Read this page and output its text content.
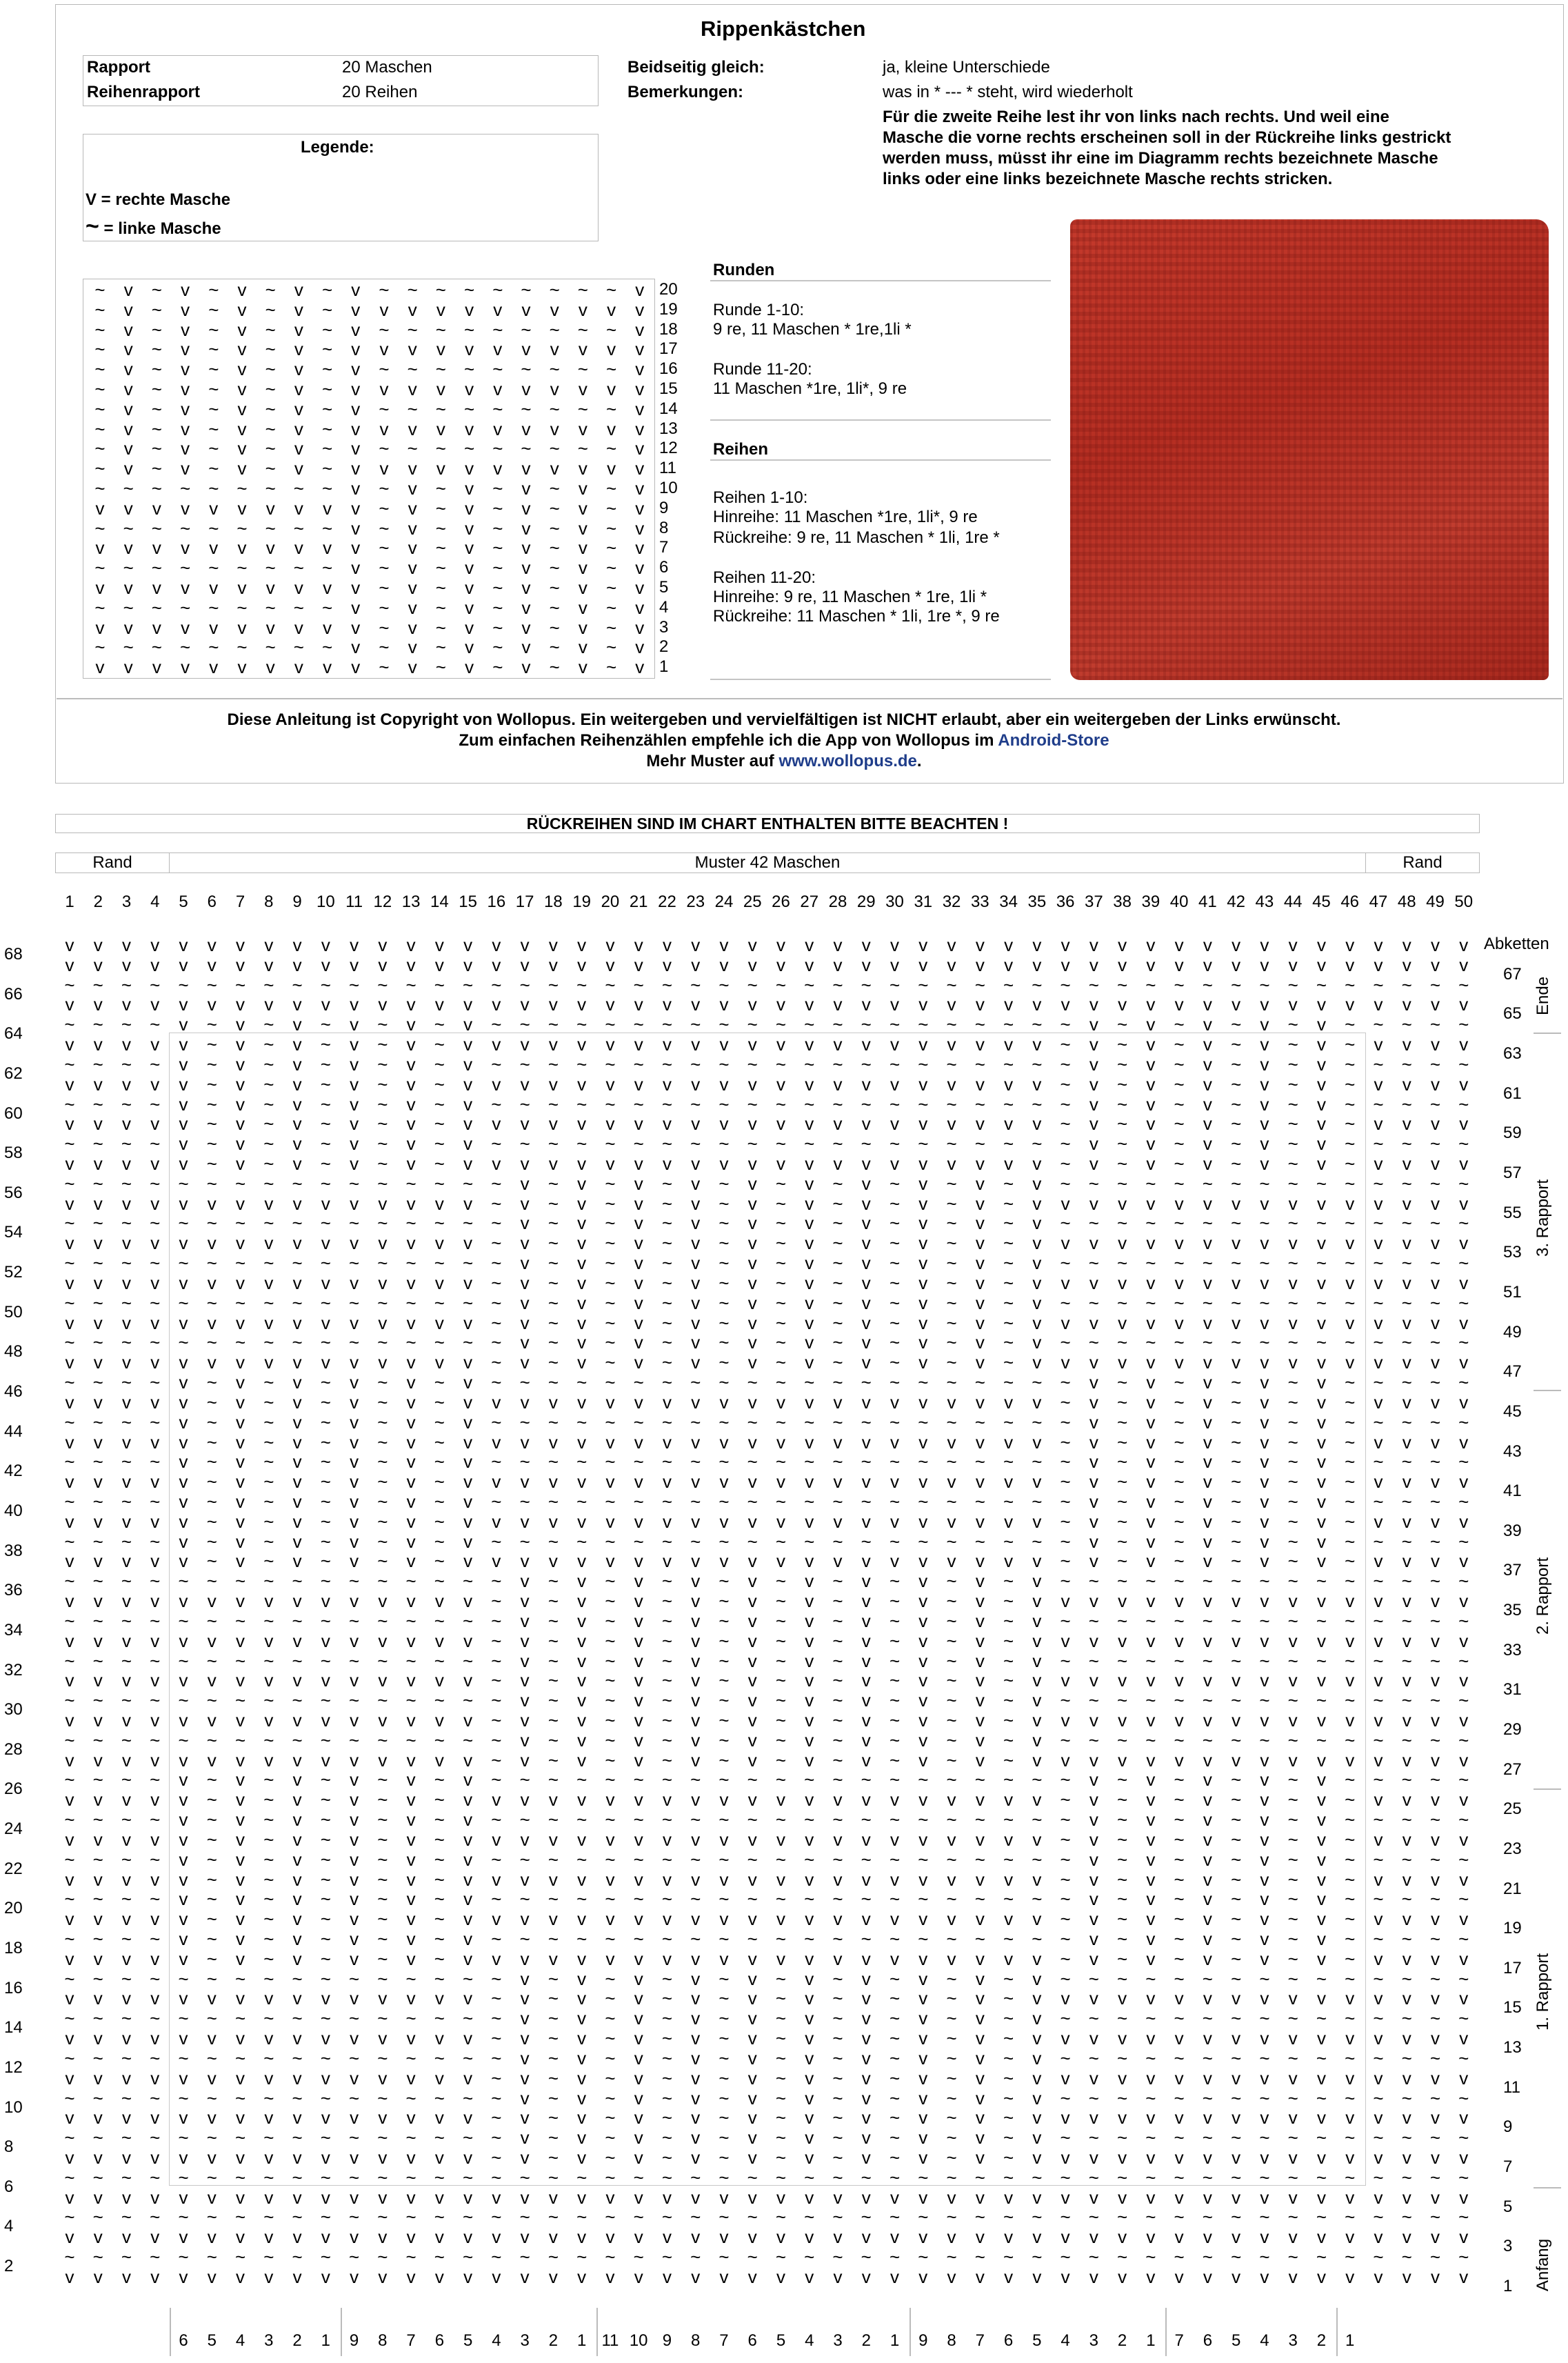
Rippenkästchen
Rapport	20 Maschen
Reihenrapport	20 Reihen
Beidseitig gleich:	ja, kleine Unterschiede
Bemerkungen:	was in * --- * steht, wird wiederholt
Für die zweite Reihe lest ihr von links nach rechts. Und weil eine
Masche die vorne rechts erscheinen soll in der Rückreihe links gestrickt
werden muss, müsst ihr eine im Diagramm rechts bezeichnete Masche
links oder eine links bezeichnete Masche rechts stricken.
Legende:
V = rechte Masche
~ = linke Masche
~	v	~	v	~	v	~	v	~	v	~ ~ ~ ~ ~ ~ ~ ~ ~	v 20
~	v	~	v	~	v	~	v	~	v	v	v	v	v	v	v	v	v	v	v 19
~	v	~	v	~	v	~	v	~	v	~ ~ ~ ~ ~ ~ ~ ~ ~	v 18
~	v	~	v	~	v	~	v	~	v	v	v	v	v	v	v	v	v	v	v 17
~	v	~	v	~	v	~	v	~	v	~ ~ ~ ~ ~ ~ ~ ~ ~	v 16
~	v	~	v	~	v	~	v	~	v	v	v	v	v	v	v	v	v	v	v 15
~	v	~	v	~	v	~	v	~	v	~ ~ ~ ~ ~ ~ ~ ~ ~	v 14
~	v	~	v	~	v	~	v	~	v	v	v	v	v	v	v	v	v	v	v 13
~	v	~	v	~	v	~	v	~	v	~ ~ ~ ~ ~ ~ ~ ~ ~	v 12
~	v	~	v	~	v	~	v	~	v	v	v	v	v	v	v	v	v	v	v 11
~ ~ ~ ~ ~ ~ ~ ~ ~	v	~	v	~	v	~	v	~	v	~	v 10
v	v	v	v	v	v	v	v	v	v	~	v	~	v	~	v	~	v	~	v 9
~ ~ ~ ~ ~ ~ ~ ~ ~	v	~	v	~	v	~	v	~	v	~	v 8
v	v	v	v	v	v	v	v	v	v	~	v	~	v	~	v	~	v	~	v 7
~ ~ ~ ~ ~ ~ ~ ~ ~	v	~	v	~	v	~	v	~	v	~	v 6
v	v	v	v	v	v	v	v	v	v	~	v	~	v	~	v	~	v	~	v 5
~ ~ ~ ~ ~ ~ ~ ~ ~	v	~	v	~	v	~	v	~	v	~	v 4
v	v	v	v	v	v	v	v	v	v	~	v	~	v	~	v	~	v	~	v 3
~ ~ ~ ~ ~ ~ ~ ~ ~	v	~	v	~	v	~	v	~	v	~	v 2
v	v	v	v	v	v	v	v	v	v	~	v	~	v	~	v	~	v	~	v 1
Runden
Runde 1-10:
9 re, 11 Maschen * 1re,1li *
Runde 11-20:
11 Maschen *1re, 1li*, 9 re
Reihen
Reihen 1-10:
Hinreihe: 11 Maschen *1re, 1li*, 9 re
Rückreihe: 9 re, 11 Maschen * 1li, 1re *
Reihen 11-20:
Hinreihe: 9 re, 11 Maschen * 1re, 1li *
Rückreihe: 11 Maschen * 1li, 1re *, 9 re
Diese Anleitung ist Copyright von Wollopus. Ein weitergeben und vervielfältigen ist NICHT erlaubt, aber ein weitergeben der Links erwünscht.
Zum einfachen Reihenzählen empfehle ich die App von Wollopus im Android-Store
Mehr Muster auf www.wollopus.de.
RÜCKREIHEN SIND IM CHART ENTHALTEN BITTE BEACHTEN !
Rand	Muster 42 Maschen	Rand
1	2	3	4	5	6	7	8	9 10 11 12 13 14 15 16 17 18 19 20 21 22 23 24 25 26 27 28 29 30 31 32 33 34 35 36 37 38 39 40 41 42 43 44 45 46 47 48 49 50
v	v	v	v	v	v	v	v	v	v	v	v	v	v	v	v	v	v	v	v	v	v	v	v	v	v	v	v	v	v	v	v	v	v	v	v	v	v	v	v	v	v	v	v	v	v	v	v	v	v
68
v	v	v	v	v	v	v	v	v	v	v	v	v	v	v	v	v	v	v	v	v	v	v	v	v	v	v	v	v	v	v	v	v	v	v	v	v	v	v	v	v	v	v	v	v	v	v	v	v	v	67
~ ~ ~ ~ ~ ~ ~ ~ ~ ~ ~ ~ ~ ~ ~ ~ ~ ~ ~ ~ ~ ~ ~ ~ ~ ~ ~ ~ ~ ~ ~ ~ ~ ~ ~ ~ ~ ~ ~ ~ ~ ~ ~ ~ ~ ~ ~ ~ ~ ~
66
v	v	v	v	v	v	v	v	v	v	v	v	v	v	v	v	v	v	v	v	v	v	v	v	v	v	v	v	v	v	v	v	v	v	v	v	v	v	v	v	v	v	v	v	v	v	v	v	v	v	65
~ ~ ~ ~	v	~	v	~	v	~	v	~	v	~	v	~ ~ ~ ~ ~ ~ ~ ~ ~ ~ ~ ~ ~ ~ ~ ~ ~ ~ ~ ~ ~	v	~	v	~	v	~	v	~	v	~ ~ ~ ~ ~
64
v	v	v	v	v	~	v	~	v	~	v	~	v	~	v	v	v	v	v	v	v	v	v	v	v	v	v	v	v	v	v	v	v	v	v	~	v	~	v	~	v	~	v	~	v	~	v	v	v	v	63
~ ~ ~ ~	v	~	v	~	v	~	v	~	v	~	v	~ ~ ~ ~ ~ ~ ~ ~ ~ ~ ~ ~ ~ ~ ~ ~ ~ ~ ~ ~ ~	v	~	v	~	v	~	v	~	v	~ ~ ~ ~ ~
62
v	v	v	v	v	~	v	~	v	~	v	~	v	~	v	v	v	v	v	v	v	v	v	v	v	v	v	v	v	v	v	v	v	v	v	~	v	~	v	~	v	~	v	~	v	~	v	v	v	v	61
~ ~ ~ ~	v	~	v	~	v	~	v	~	v	~	v	~ ~ ~ ~ ~ ~ ~ ~ ~ ~ ~ ~ ~ ~ ~ ~ ~ ~ ~ ~ ~	v	~	v	~	v	~	v	~	v	~ ~ ~ ~ ~
60
v	v	v	v	v	~	v	~	v	~	v	~	v	~	v	v	v	v	v	v	v	v	v	v	v	v	v	v	v	v	v	v	v	v	v	~	v	~	v	~	v	~	v	~	v	~	v	v	v	v	59
~ ~ ~ ~	v	~	v	~	v	~	v	~	v	~	v	~ ~ ~ ~ ~ ~ ~ ~ ~ ~ ~ ~ ~ ~ ~ ~ ~ ~ ~ ~ ~	v	~	v	~	v	~	v	~	v	~ ~ ~ ~ ~
58
v	v	v	v	v	~	v	~	v	~	v	~	v	~	v	v	v	v	v	v	v	v	v	v	v	v	v	v	v	v	v	v	v	v	v	~	v	~	v	~	v	~	v	~	v	~	v	v	v	v	57
~ ~ ~ ~ ~ ~ ~ ~ ~ ~ ~ ~ ~ ~ ~ ~	v	~	v	~	v	~	v	~	v	~	v	~	v	~	v	~	v	~	v	~ ~ ~ ~ ~ ~ ~ ~ ~ ~ ~ ~ ~ ~ ~
56
v	v	v	v	v	v	v	v	v	v	v	v	v	v	v	~	v	~	v	~	v	~	v	~	v	~	v	~	v	~	v	~	v	~	v	v	v	v	v	v	v	v	v	v	v	v	v	v	v	v	55
~ ~ ~ ~ ~ ~ ~ ~ ~ ~ ~ ~ ~ ~ ~ ~	v	~	v	~	v	~	v	~	v	~	v	~	v	~	v	~	v	~	v	~ ~ ~ ~ ~ ~ ~ ~ ~ ~ ~ ~ ~ ~ ~
54
v	v	v	v	v	v	v	v	v	v	v	v	v	v	v	~	v	~	v	~	v	~	v	~	v	~	v	~	v	~	v	~	v	~	v	v	v	v	v	v	v	v	v	v	v	v	v	v	v	v	53
~ ~ ~ ~ ~ ~ ~ ~ ~ ~ ~ ~ ~ ~ ~ ~	v	~	v	~	v	~	v	~	v	~	v	~	v	~	v	~	v	~	v	~ ~ ~ ~ ~ ~ ~ ~ ~ ~ ~ ~ ~ ~ ~
52
v	v	v	v	v	v	v	v	v	v	v	v	v	v	v	~	v	~	v	~	v	~	v	~	v	~	v	~	v	~	v	~	v	~	v	v	v	v	v	v	v	v	v	v	v	v	v	v	v	v	51
~ ~ ~ ~ ~ ~ ~ ~ ~ ~ ~ ~ ~ ~ ~ ~	v	~	v	~	v	~	v	~	v	~	v	~	v	~	v	~	v	~	v	~ ~ ~ ~ ~ ~ ~ ~ ~ ~ ~ ~ ~ ~ ~
50
v	v	v	v	v	v	v	v	v	v	v	v	v	v	v	~	v	~	v	~	v	~	v	~	v	~	v	~	v	~	v	~	v	~	v	v	v	v	v	v	v	v	v	v	v	v	v	v	v	v	49
~ ~ ~ ~ ~ ~ ~ ~ ~ ~ ~ ~ ~ ~ ~ ~	v	~	v	~	v	~	v	~	v	~	v	~	v	~	v	~	v	~	v	~ ~ ~ ~ ~ ~ ~ ~ ~ ~ ~ ~ ~ ~ ~
48
v	v	v	v	v	v	v	v	v	v	v	v	v	v	v	~	v	~	v	~	v	~	v	~	v	~	v	~	v	~	v	~	v	~	v	v	v	v	v	v	v	v	v	v	v	v	v	v	v	v	47
~ ~ ~ ~	v	~	v	~	v	~	v	~	v	~	v	~ ~ ~ ~ ~ ~ ~ ~ ~ ~ ~ ~ ~ ~ ~ ~ ~ ~ ~ ~ ~	v	~	v	~	v	~	v	~	v	~ ~ ~ ~ ~
46
v	v	v	v	v	~	v	~	v	~	v	~	v	~	v	v	v	v	v	v	v	v	v	v	v	v	v	v	v	v	v	v	v	v	v	~	v	~	v	~	v	~	v	~	v	~	v	v	v	v	45
~ ~ ~ ~	v	~	v	~	v	~	v	~	v	~	v	~ ~ ~ ~ ~ ~ ~ ~ ~ ~ ~ ~ ~ ~ ~ ~ ~ ~ ~ ~ ~	v	~	v	~	v	~	v	~	v	~ ~ ~ ~ ~
44
v	v	v	v	v	~	v	~	v	~	v	~	v	~	v	v	v	v	v	v	v	v	v	v	v	v	v	v	v	v	v	v	v	v	v	~	v	~	v	~	v	~	v	~	v	~	v	v	v	v	43
~ ~ ~ ~	v	~	v	~	v	~	v	~	v	~	v	~ ~ ~ ~ ~ ~ ~ ~ ~ ~ ~ ~ ~ ~ ~ ~ ~ ~ ~ ~ ~	v	~	v	~	v	~	v	~	v	~ ~ ~ ~ ~
42
v	v	v	v	v	~	v	~	v	~	v	~	v	~	v	v	v	v	v	v	v	v	v	v	v	v	v	v	v	v	v	v	v	v	v	~	v	~	v	~	v	~	v	~	v	~	v	v	v	v	41
~ ~ ~ ~	v	~	v	~	v	~	v	~	v	~	v	~ ~ ~ ~ ~ ~ ~ ~ ~ ~ ~ ~ ~ ~ ~ ~ ~ ~ ~ ~ ~	v	~	v	~	v	~	v	~	v	~ ~ ~ ~ ~
40
v	v	v	v	v	~	v	~	v	~	v	~	v	~	v	v	v	v	v	v	v	v	v	v	v	v	v	v	v	v	v	v	v	v	v	~	v	~	v	~	v	~	v	~	v	~	v	v	v	v	39
~ ~ ~ ~	v	~	v	~	v	~	v	~	v	~	v	~ ~ ~ ~ ~ ~ ~ ~ ~ ~ ~ ~ ~ ~ ~ ~ ~ ~ ~ ~ ~	v	~	v	~	v	~	v	~	v	~ ~ ~ ~ ~
38
v	v	v	v	v	~	v	~	v	~	v	~	v	~	v	v	v	v	v	v	v	v	v	v	v	v	v	v	v	v	v	v	v	v	v	~	v	~	v	~	v	~	v	~	v	~	v	v	v	v	37
~ ~ ~ ~ ~ ~ ~ ~ ~ ~ ~ ~ ~ ~ ~ ~	v	~	v	~	v	~	v	~	v	~	v	~	v	~	v	~	v	~	v	~ ~ ~ ~ ~ ~ ~ ~ ~ ~ ~ ~ ~ ~ ~
36
v	v	v	v	v	v	v	v	v	v	v	v	v	v	v	~	v	~	v	~	v	~	v	~	v	~	v	~	v	~	v	~	v	~	v	v	v	v	v	v	v	v	v	v	v	v	v	v	v	v	35
~ ~ ~ ~ ~ ~ ~ ~ ~ ~ ~ ~ ~ ~ ~ ~	v	~	v	~	v	~	v	~	v	~	v	~	v	~	v	~	v	~	v	~ ~ ~ ~ ~ ~ ~ ~ ~ ~ ~ ~ ~ ~ ~
34
v	v	v	v	v	v	v	v	v	v	v	v	v	v	v	~	v	~	v	~	v	~	v	~	v	~	v	~	v	~	v	~	v	~	v	v	v	v	v	v	v	v	v	v	v	v	v	v	v	v	33
~ ~ ~ ~ ~ ~ ~ ~ ~ ~ ~ ~ ~ ~ ~ ~	v	~	v	~	v	~	v	~	v	~	v	~	v	~	v	~	v	~	v	~ ~ ~ ~ ~ ~ ~ ~ ~ ~ ~ ~ ~ ~ ~
32
v	v	v	v	v	v	v	v	v	v	v	v	v	v	v	~	v	~	v	~	v	~	v	~	v	~	v	~	v	~	v	~	v	~	v	v	v	v	v	v	v	v	v	v	v	v	v	v	v	v	31
~ ~ ~ ~ ~ ~ ~ ~ ~ ~ ~ ~ ~ ~ ~ ~	v	~	v	~	v	~	v	~	v	~	v	~	v	~	v	~	v	~	v	~ ~ ~ ~ ~ ~ ~ ~ ~ ~ ~ ~ ~ ~ ~
30
v	v	v	v	v	v	v	v	v	v	v	v	v	v	v	~	v	~	v	~	v	~	v	~	v	~	v	~	v	~	v	~	v	~	v	v	v	v	v	v	v	v	v	v	v	v	v	v	v	v	29
~ ~ ~ ~ ~ ~ ~ ~ ~ ~ ~ ~ ~ ~ ~ ~	v	~	v	~	v	~	v	~	v	~	v	~	v	~	v	~	v	~	v	~ ~ ~ ~ ~ ~ ~ ~ ~ ~ ~ ~ ~ ~ ~
28
v	v	v	v	v	v	v	v	v	v	v	v	v	v	v	~	v	~	v	~	v	~	v	~	v	~	v	~	v	~	v	~	v	~	v	v	v	v	v	v	v	v	v	v	v	v	v	v	v	v	27
~ ~ ~ ~	v	~	v	~	v	~	v	~	v	~	v	~ ~ ~ ~ ~ ~ ~ ~ ~ ~ ~ ~ ~ ~ ~ ~ ~ ~ ~ ~ ~	v	~	v	~	v	~	v	~	v	~ ~ ~ ~ ~
26
v	v	v	v	v	~	v	~	v	~	v	~	v	~	v	v	v	v	v	v	v	v	v	v	v	v	v	v	v	v	v	v	v	v	v	~	v	~	v	~	v	~	v	~	v	~	v	v	v	v	25
~ ~ ~ ~	v	~	v	~	v	~	v	~	v	~	v	~ ~ ~ ~ ~ ~ ~ ~ ~ ~ ~ ~ ~ ~ ~ ~ ~ ~ ~ ~ ~	v	~	v	~	v	~	v	~	v	~ ~ ~ ~ ~
24
v	v	v	v	v	~	v	~	v	~	v	~	v	~	v	v	v	v	v	v	v	v	v	v	v	v	v	v	v	v	v	v	v	v	v	~	v	~	v	~	v	~	v	~	v	~	v	v	v	v	23
~ ~ ~ ~	v	~	v	~	v	~	v	~	v	~	v	~ ~ ~ ~ ~ ~ ~ ~ ~ ~ ~ ~ ~ ~ ~ ~ ~ ~ ~ ~ ~	v	~	v	~	v	~	v	~	v	~ ~ ~ ~ ~
22
v	v	v	v	v	~	v	~	v	~	v	~	v	~	v	v	v	v	v	v	v	v	v	v	v	v	v	v	v	v	v	v	v	v	v	~	v	~	v	~	v	~	v	~	v	~	v	v	v	v	21
~ ~ ~ ~	v	~	v	~	v	~	v	~	v	~	v	~ ~ ~ ~ ~ ~ ~ ~ ~ ~ ~ ~ ~ ~ ~ ~ ~ ~ ~ ~ ~	v	~	v	~	v	~	v	~	v	~ ~ ~ ~ ~
20
v	v	v	v	v	~	v	~	v	~	v	~	v	~	v	v	v	v	v	v	v	v	v	v	v	v	v	v	v	v	v	v	v	v	v	~	v	~	v	~	v	~	v	~	v	~	v	v	v	v	19
~ ~ ~ ~	v	~	v	~	v	~	v	~	v	~	v	~ ~ ~ ~ ~ ~ ~ ~ ~ ~ ~ ~ ~ ~ ~ ~ ~ ~ ~ ~ ~	v	~	v	~	v	~	v	~	v	~ ~ ~ ~ ~
18
v	v	v	v	v	~	v	~	v	~	v	~	v	~	v	v	v	v	v	v	v	v	v	v	v	v	v	v	v	v	v	v	v	v	v	~	v	~	v	~	v	~	v	~	v	~	v	v	v	v	17
~ ~ ~ ~ ~ ~ ~ ~ ~ ~ ~ ~ ~ ~ ~ ~	v	~	v	~	v	~	v	~	v	~	v	~	v	~	v	~	v	~	v	~ ~ ~ ~ ~ ~ ~ ~ ~ ~ ~ ~ ~ ~ ~
16
v	v	v	v	v	v	v	v	v	v	v	v	v	v	v	~	v	~	v	~	v	~	v	~	v	~	v	~	v	~	v	~	v	~	v	v	v	v	v	v	v	v	v	v	v	v	v	v	v	v	15
~ ~ ~ ~ ~ ~ ~ ~ ~ ~ ~ ~ ~ ~ ~ ~	v	~	v	~	v	~	v	~	v	~	v	~	v	~	v	~	v	~	v	~ ~ ~ ~ ~ ~ ~ ~ ~ ~ ~ ~ ~ ~ ~
14
v	v	v	v	v	v	v	v	v	v	v	v	v	v	v	~	v	~	v	~	v	~	v	~	v	~	v	~	v	~	v	~	v	~	v	v	v	v	v	v	v	v	v	v	v	v	v	v	v	v	13
~ ~ ~ ~ ~ ~ ~ ~ ~ ~ ~ ~ ~ ~ ~ ~	v	~	v	~	v	~	v	~	v	~	v	~	v	~	v	~	v	~	v	~ ~ ~ ~ ~ ~ ~ ~ ~ ~ ~ ~ ~ ~ ~
12
v	v	v	v	v	v	v	v	v	v	v	v	v	v	v	~	v	~	v	~	v	~	v	~	v	~	v	~	v	~	v	~	v	~	v	v	v	v	v	v	v	v	v	v	v	v	v	v	v	v	11
~ ~ ~ ~ ~ ~ ~ ~ ~ ~ ~ ~ ~ ~ ~ ~	v	~	v	~	v	~	v	~	v	~	v	~	v	~	v	~	v	~	v	~ ~ ~ ~ ~ ~ ~ ~ ~ ~ ~ ~ ~ ~ ~
10
v	v	v	v	v	v	v	v	v	v	v	v	v	v	v	~	v	~	v	~	v	~	v	~	v	~	v	~	v	~	v	~	v	~	v	v	v	v	v	v	v	v	v	v	v	v	v	v	v	v	9
~ ~ ~ ~ ~ ~ ~ ~ ~ ~ ~ ~ ~ ~ ~ ~	v	~	v	~	v	~	v	~	v	~	v	~	v	~	v	~	v	~	v	~ ~ ~ ~ ~ ~ ~ ~ ~ ~ ~ ~ ~ ~ ~
8
v	v	v	v	v	v	v	v	v	v	v	v	v	v	v	~	v	~	v	~	v	~	v	~	v	~	v	~	v	~	v	~	v	~	v	v	v	v	v	v	v	v	v	v	v	v	v	v	v	v	7
~ ~ ~ ~ ~ ~ ~ ~ ~ ~ ~ ~ ~ ~ ~ ~ ~ ~ ~ ~ ~ ~ ~ ~ ~ ~ ~ ~ ~ ~ ~ ~ ~ ~ ~ ~ ~ ~ ~ ~ ~ ~ ~ ~ ~ ~ ~ ~ ~ ~
6
v	v	v	v	v	v	v	v	v	v	v	v	v	v	v	v	v	v	v	v	v	v	v	v	v	v	v	v	v	v	v	v	v	v	v	v	v	v	v	v	v	v	v	v	v	v	v	v	v	v	5
~ ~ ~ ~ ~ ~ ~ ~ ~ ~ ~ ~ ~ ~ ~ ~ ~ ~ ~ ~ ~ ~ ~ ~ ~ ~ ~ ~ ~ ~ ~ ~ ~ ~ ~ ~ ~ ~ ~ ~ ~ ~ ~ ~ ~ ~ ~ ~ ~ ~
4
v	v	v	v	v	v	v	v	v	v	v	v	v	v	v	v	v	v	v	v	v	v	v	v	v	v	v	v	v	v	v	v	v	v	v	v	v	v	v	v	v	v	v	v	v	v	v	v	v	v	3
~ ~ ~ ~ ~ ~ ~ ~ ~ ~ ~ ~ ~ ~ ~ ~ ~ ~ ~ ~ ~ ~ ~ ~ ~ ~ ~ ~ ~ ~ ~ ~ ~ ~ ~ ~ ~ ~ ~ ~ ~ ~ ~ ~ ~ ~ ~ ~ ~ ~
2
v	v	v	v	v	v	v	v	v	v	v	v	v	v	v	v	v	v	v	v	v	v	v	v	v	v	v	v	v	v	v	v	v	v	v	v	v	v	v	v	v	v	v	v	v	v	v	v	v	v	1
6	5	4	3	2	1	9	8	7	6	5	4	3	2	1 11 10 9	8	7	6	5	4	3	2	1	9	8	7	6	5	4	3	2	1	7	6	5	4	3	2	1
Abketten
Ende
3. Rapport
2. Rapport
1. Rapport
Anfang
